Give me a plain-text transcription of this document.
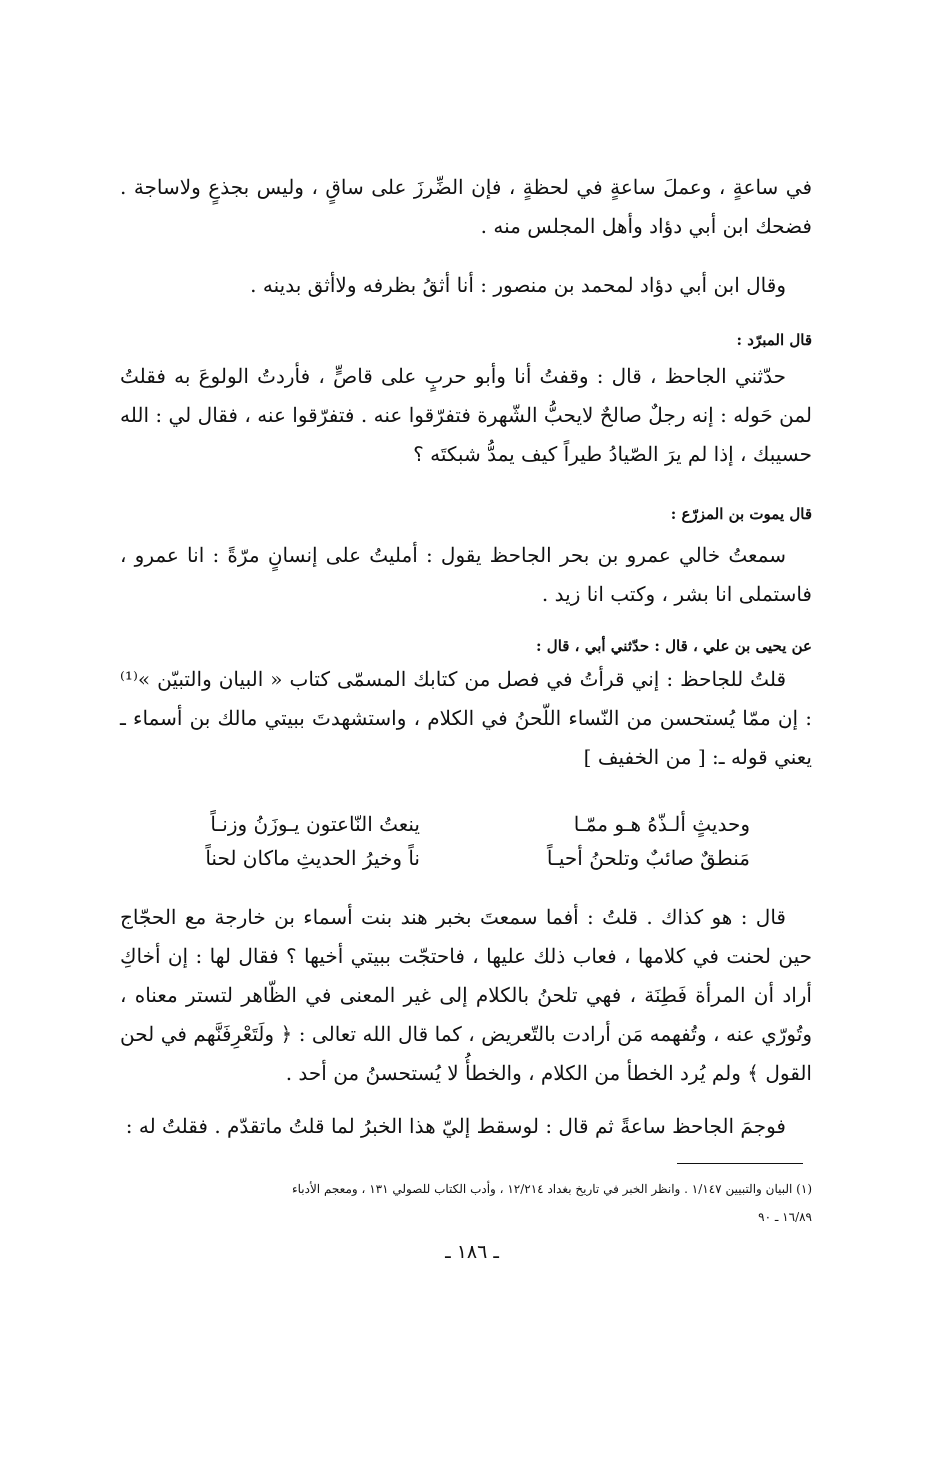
في ساعةٍ ، وعملَ ساعةٍ في لحظةٍ ، فإن الضِّرزَ على ساقٍ ، وليس بجذعٍ ولاساجة . فضحك ابن أبي دؤاد وأهل المجلس منه .

وقال ابن أبي دؤاد لمحمد بن منصور : أنا أثقُ بظرفه ولاأثق بدينه .

قال المبرّد :

حدّثني الجاحظ ، قال : وقفتُ أنا وأبو حربٍ على قاصٍّ ، فأردتُ الولوعَ به فقلتُ لمن حَوله : إنه رجلٌ صالحٌ لايحبُّ الشّهرة فتفرّقوا عنه . فتفرّقوا عنه ، فقال لي : الله حسيبك ، إذا لم يرَ الصّيادُ طيراً كيف يمدُّ شبكتَه ؟

قال يموت بن المزرّع :

سمعتُ خالي عمرو بن بحر الجاحظ يقول : أمليتُ على إنسانٍ مرّةً : انا عمرو ، فاستملى انا بشر ، وكتب انا زيد .

عن يحيى بن علي ، قال : حدّثني أبي ، قال :

قلتُ للجاحظ : إني قرأتُ في فصل من كتابك المسمّى كتاب « البيان والتبيّن »⁽¹⁾ : إن ممّا يُستحسن من النّساء اللّحنُ في الكلام ، واستشهدتَ ببيتي مالك بن أسماء ـ يعني قوله ـ: [ من الخفيف ]

وحديثٍ ألـذّهُ هـو ممّـا
ينعتُ النّاعتون يـوزَنُ وزنـاً
مَنطقٌ صائبٌ وتلحنُ أحيـاً
ناً وخيرُ الحديثِ ماكان لحناً

قال : هو كذاك . قلتُ : أفما سمعتَ بخبر هند بنت أسماء بن خارجة مع الحجّاج حين لحنت في كلامها ، فعاب ذلك عليها ، فاحتجّت ببيتي أخيها ؟ فقال لها : إن أخاكِ أراد أن المرأة فَطِنَة ، فهي تلحنُ بالكلام إلى غير المعنى في الظّاهر لتستر معناه ، وتُورّي عنه ، وتُفهمه مَن أرادت بالتّعريض ، كما قال الله تعالى : ﴿ ولَتَعْرِفَنَّهم في لحن القول ﴾ ولم يُرد الخطأ من الكلام ، والخطأُ لا يُستحسنُ من أحد .

فوجمَ الجاحظ ساعةً ثم قال : لوسقط إليّ هذا الخبرُ لما قلتُ ماتقدّم . فقلتُ له :

(١) البيان والتبيين ١/١٤٧ . وانظر الخبر في تاريخ بغداد ١٢/٢١٤ ، وأدب الكتاب للصولي ١٣١ ، ومعجم الأدباء
١٦/٨٩ ـ ٩٠
ـ ١٨٦ ـ
